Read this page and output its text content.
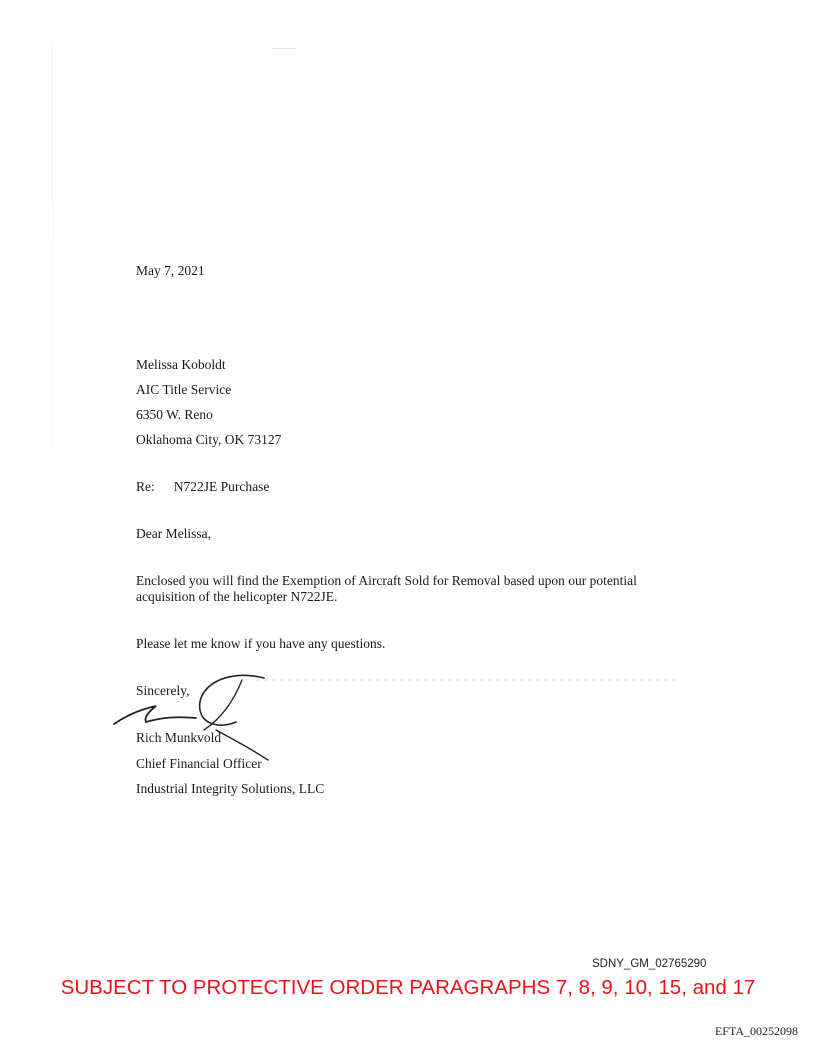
May 7, 2021
Melissa Koboldt
AIC Title Service
6350 W. Reno
Oklahoma City, OK 73127
Re: N722JE Purchase
Dear Melissa,
Enclosed you will find the Exemption of Aircraft Sold for Removal based upon our potential acquisition of the helicopter N722JE.
Please let me know if you have any questions.
Sincerely,
Rich Munkvold
Chief Financial Officer
Industrial Integrity Solutions, LLC
SDNY_GM_02765290
SUBJECT TO PROTECTIVE ORDER PARAGRAPHS 7, 8, 9, 10, 15, and 17
EFTA_00252098
